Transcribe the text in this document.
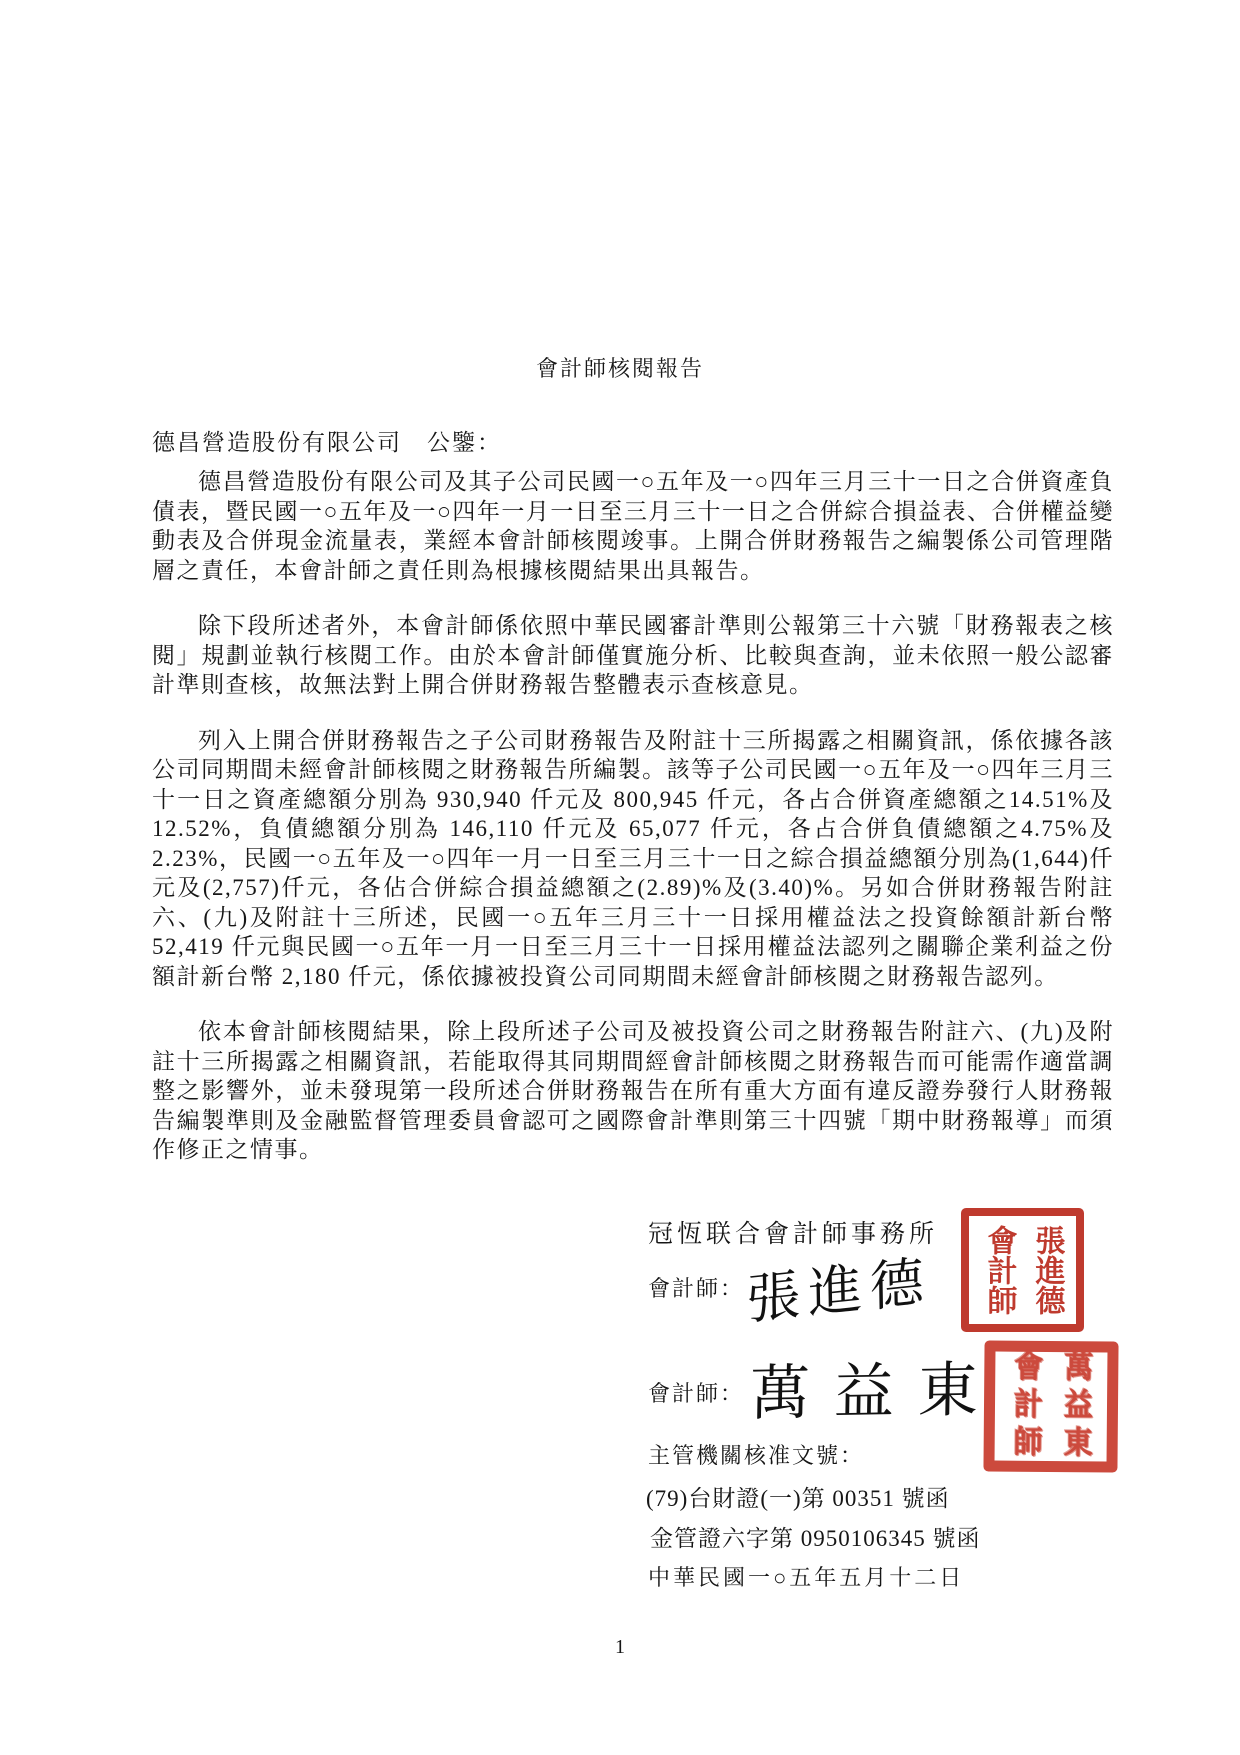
會計師核閱報告
德昌營造股份有限公司　公鑒：

德昌營造股份有限公司及其子公司民國一○五年及一○四年三月三十一日之合併資產負債表，暨民國一○五年及一○四年一月一日至三月三十一日之合併綜合損益表、合併權益變動表及合併現金流量表，業經本會計師核閱竣事。上開合併財務報告之編製係公司管理階層之責任，本會計師之責任則為根據核閱結果出具報告。

除下段所述者外，本會計師係依照中華民國審計準則公報第三十六號「財務報表之核閱」規劃並執行核閱工作。由於本會計師僅實施分析、比較與查詢，並未依照一般公認審計準則查核，故無法對上開合併財務報告整體表示查核意見。

列入上開合併財務報告之子公司財務報告及附註十三所揭露之相關資訊，係依據各該公司同期間未經會計師核閱之財務報告所編製。該等子公司民國一○五年及一○四年三月三十一日之資產總額分別為 930,940 仟元及 800,945 仟元，各占合併資產總額之14.51%及 12.52%，負債總額分別為 146,110 仟元及 65,077 仟元，各占合併負債總額之4.75%及 2.23%，民國一○五年及一○四年一月一日至三月三十一日之綜合損益總額分別為(1,644)仟元及(2,757)仟元，各佔合併綜合損益總額之(2.89)%及(3.40)%。另如合併財務報告附註六、(九)及附註十三所述，民國一○五年三月三十一日採用權益法之投資餘額計新台幣 52,419 仟元與民國一○五年一月一日至三月三十一日採用權益法認列之關聯企業利益之份額計新台幣 2,180 仟元，係依據被投資公司同期間未經會計師核閱之財務報告認列。

依本會計師核閱結果，除上段所述子公司及被投資公司之財務報告附註六、(九)及附註十三所揭露之相關資訊，若能取得其同期間經會計師核閱之財務報告而可能需作適當調整之影響外，並未發現第一段所述合併財務報告在所有重大方面有違反證券發行人財務報告編製準則及金融監督管理委員會認可之國際會計準則第三十四號「期中財務報導」而須作修正之情事。

冠恆联合會計師事務所
會計師： 張進德	張進德
會計師
會計師： 萬益東	萬益東
會計師
主管機關核准文號：
(79)台財證(一)第 00351 號函
金管證六字第 0950106345 號函
中華民國一○五年五月十二日
1
